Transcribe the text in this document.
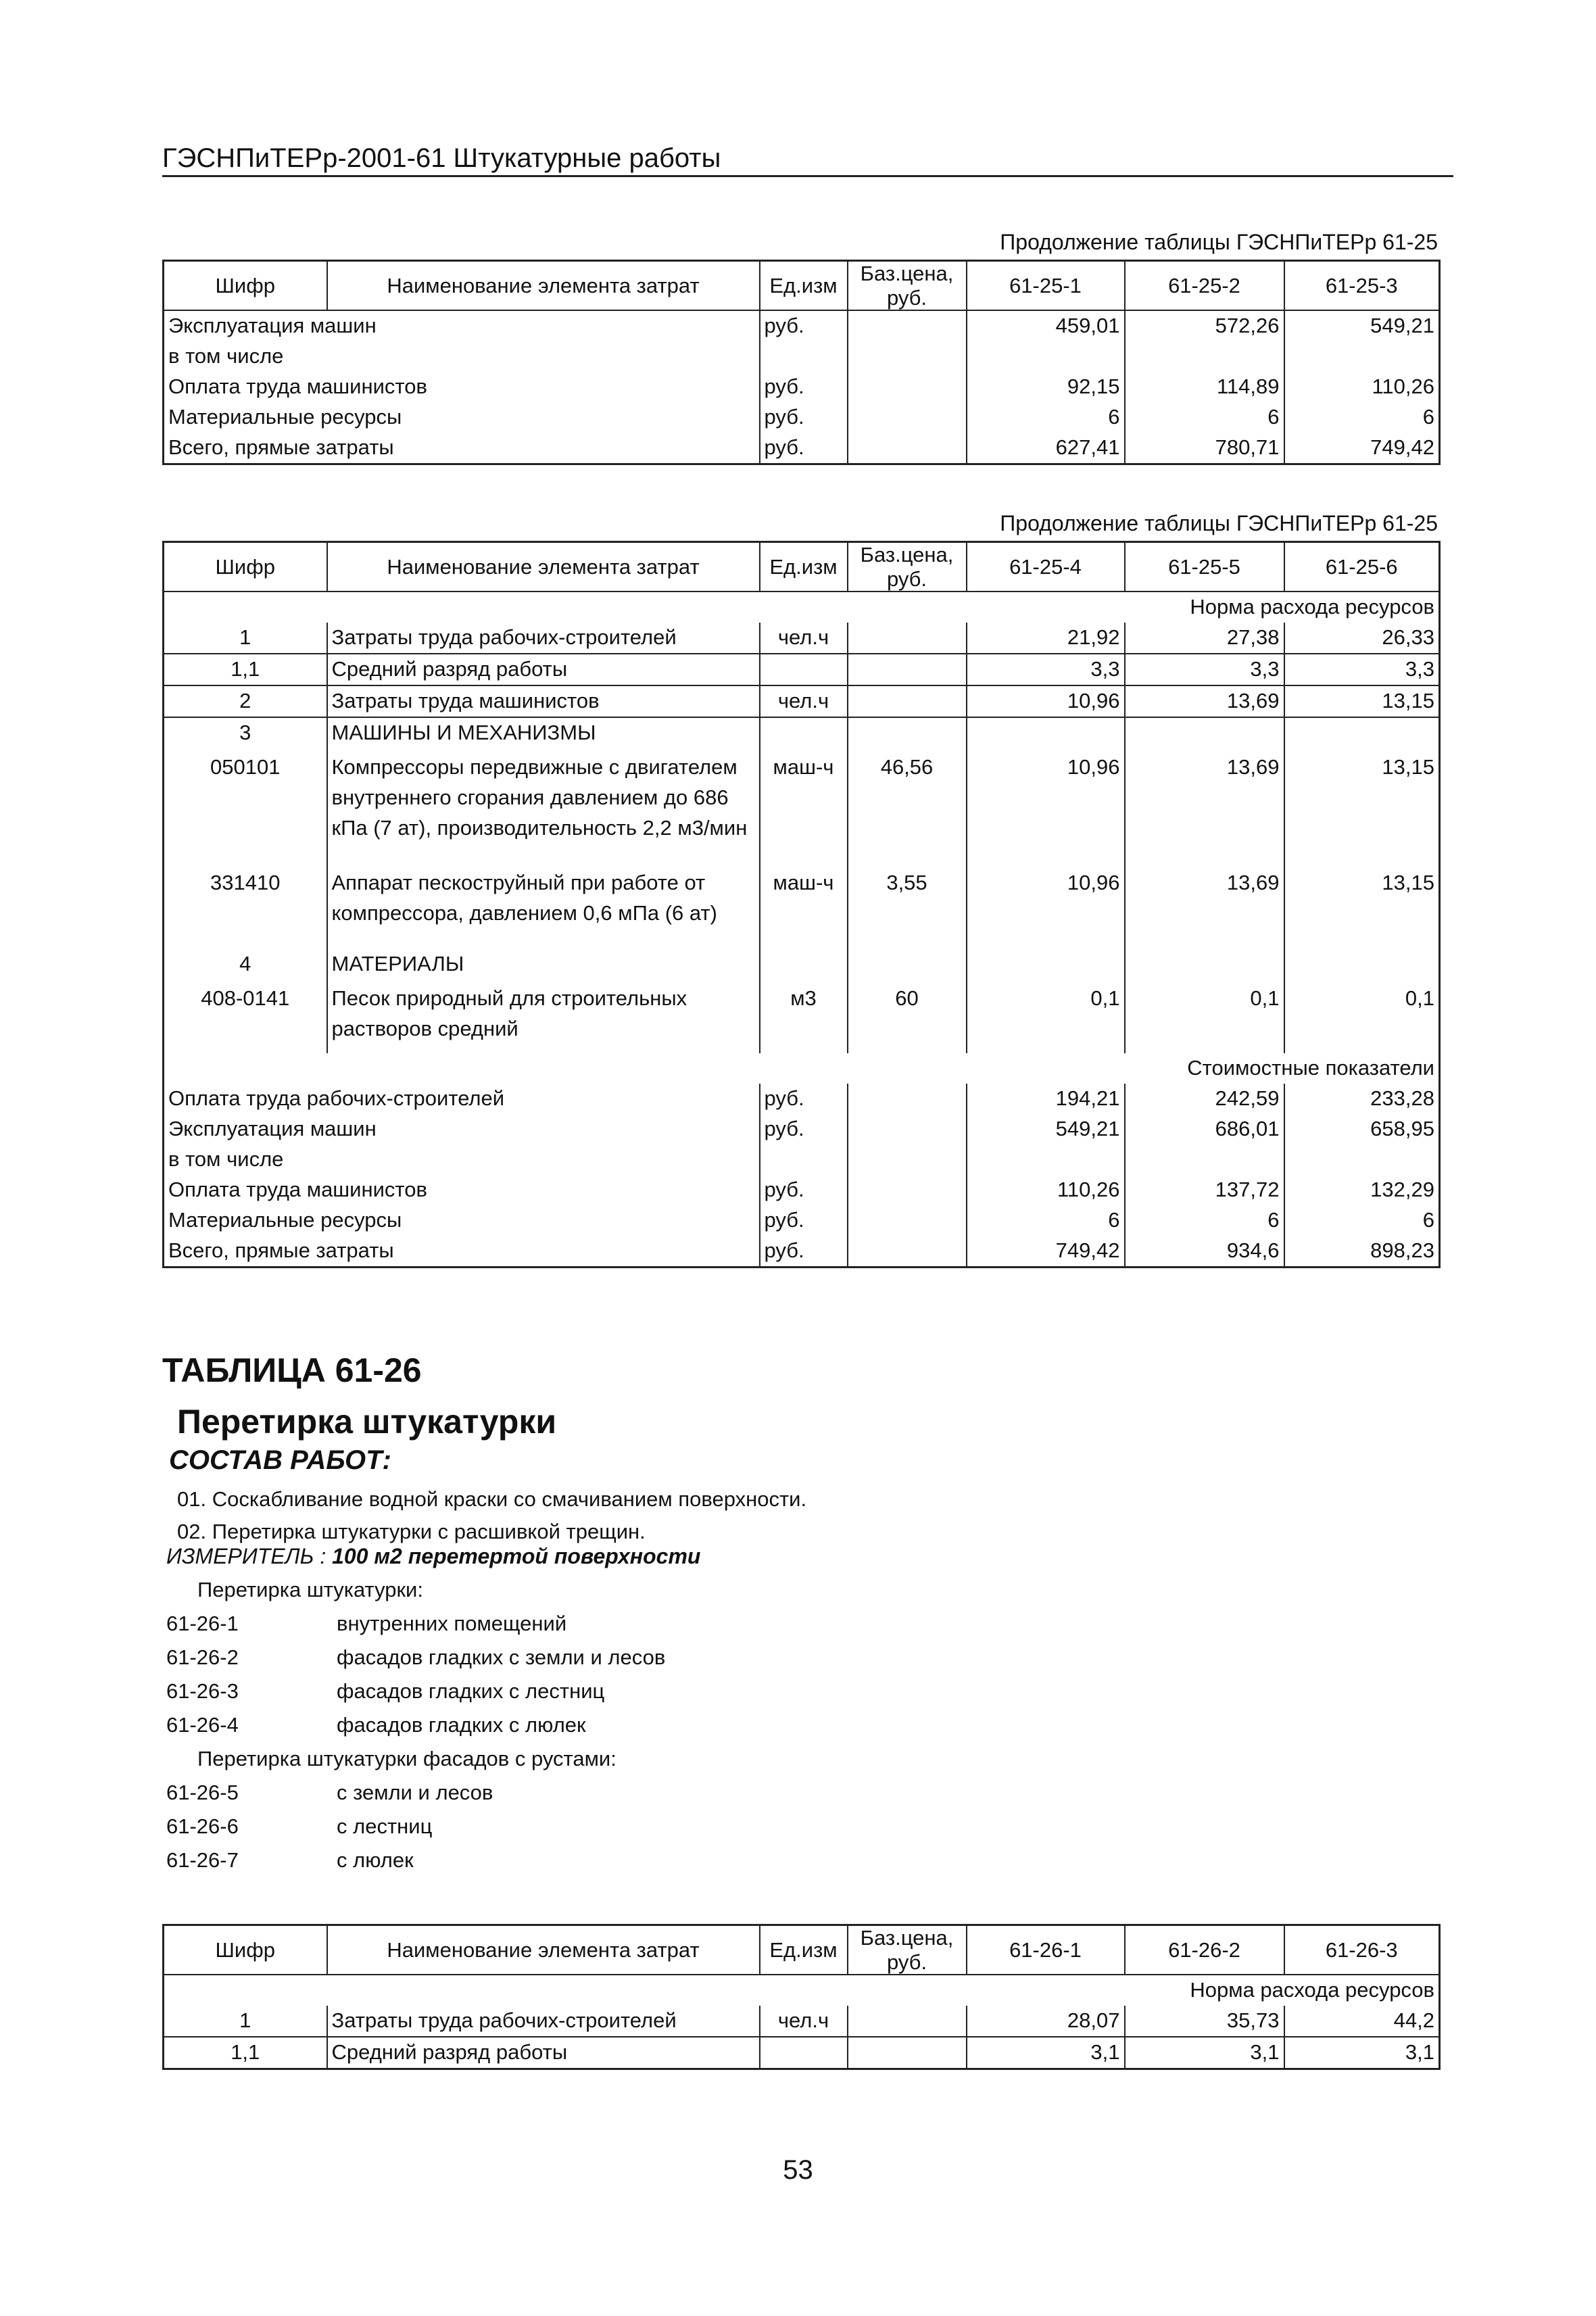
ГЭСНПиТЕРр-2001-61 Штукатурные работы
Продолжение таблицы ГЭСНПиТЕРр 61-25
Шифр	Наименование элемента затрат	Ед.изм	Баз.цена, руб.	61-25-1	61-25-2	61-25-3
Эксплуатация машин		руб.		459,01	572,26	549,21
в том числе						
Оплата труда машинистов		руб.		92,15	114,89	110,26
Материальные ресурсы		руб.		6	6	6
Всего, прямые затраты		руб.		627,41	780,71	749,42
Продолжение таблицы ГЭСНПиТЕРр 61-25
Шифр	Наименование элемента затрат	Ед.изм	Баз.цена, руб.	61-25-4	61-25-5	61-25-6
Норма расхода ресурсов						
1	Затраты труда рабочих-строителей	чел.ч		21,92	27,38	26,33
1,1	Средний разряд работы			3,3	3,3	3,3
2	Затраты труда машинистов	чел.ч		10,96	13,69	13,15
3	МАШИНЫ И МЕХАНИЗМЫ					
050101	Компрессоры передвижные с двигателем внутреннего сгорания давлением до 686 кПа (7 ат), производительность 2,2 м3/мин	маш-ч	46,56	10,96	13,69	13,15
331410	Аппарат пескоструйный при работе от компрессора, давлением 0,6 мПа (6 ат)	маш-ч	3,55	10,96	13,69	13,15
4	МАТЕРИАЛЫ					
408-0141	Песок природный для строительных растворов средний	м3	60	0,1	0,1	0,1
Стоимостные показатели						
Оплата труда рабочих-строителей		руб.		194,21	242,59	233,28
Эксплуатация машин		руб.		549,21	686,01	658,95
в том числе						
Оплата труда машинистов		руб.		110,26	137,72	132,29
Материальные ресурсы		руб.		6	6	6
Всего, прямые затраты		руб.		749,42	934,6	898,23
ТАБЛИЦА 61-26
Перетирка штукатурки
СОСТАВ РАБОТ:
01. Соскабливание водной краски со смачиванием поверхности.
02. Перетирка штукатурки с расшивкой трещин.
ИЗМЕРИТЕЛЬ : 100 м2 перетертой поверхности
Перетирка штукатурки:
61-26-1	внутренних помещений
61-26-2	фасадов гладких с земли и лесов
61-26-3	фасадов гладких с лестниц
61-26-4	фасадов гладких с люлек
Перетирка штукатурки фасадов с рустами:
61-26-5	с земли и лесов
61-26-6	с лестниц
61-26-7	с люлек
Шифр	Наименование элемента затрат	Ед.изм	Баз.цена, руб.	61-26-1	61-26-2	61-26-3
Норма расхода ресурсов						
1	Затраты труда рабочих-строителей	чел.ч		28,07	35,73	44,2
1,1	Средний разряд работы			3,1	3,1	3,1
53
